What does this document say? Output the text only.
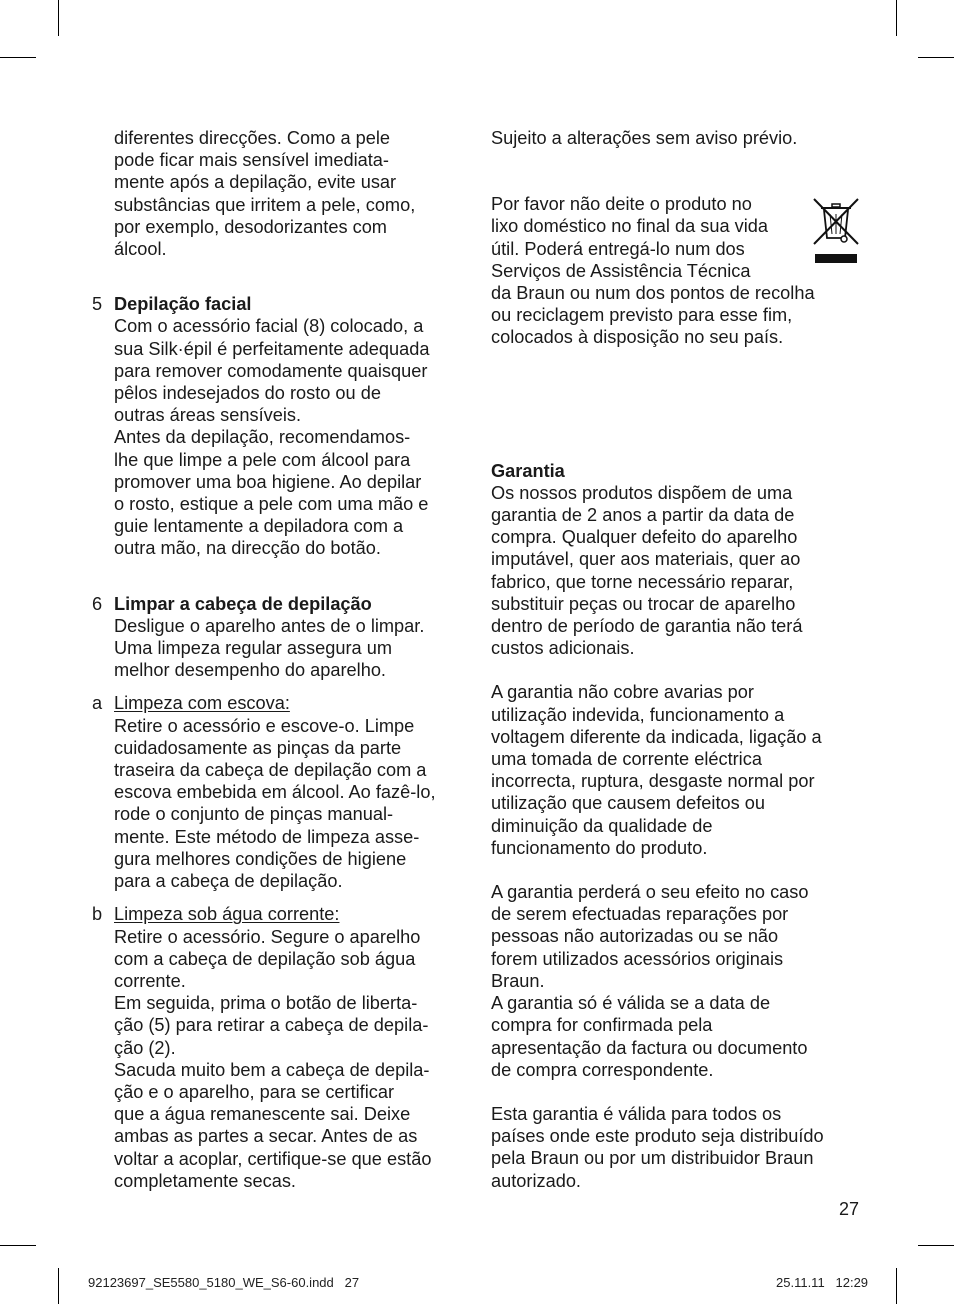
diferentes direcções. Como a pele
pode ficar mais sensível imediata-
mente após a depilação, evite usar
substâncias que irritem a pele, como,
por exemplo, desodorizantes com
álcool.
5 Depilação facial
Com o acessório facial (8) colocado, a
sua Silk·épil é perfeitamente adequada
para remover comodamente quaisquer
pêlos indesejados do rosto ou de
outras áreas sensíveis.
Antes da depilação, recomendamos-
lhe que limpe a pele com álcool para
promover uma boa higiene. Ao depilar
o rosto, estique a pele com uma mão e
guie lentamente a depiladora com a
outra mão, na direcção do botão.
6 Limpar a cabeça de depilação
Desligue o aparelho antes de o limpar.
Uma limpeza regular assegura um
melhor desempenho do aparelho.
a Limpeza com escova:
Retire o acessório e escove-o. Limpe
cuidadosamente as pinças da parte
traseira da cabeça de depilação com a
escova embebida em álcool. Ao fazê-lo,
rode o conjunto de pinças manual-
mente. Este método de limpeza asse-
gura melhores condições de higiene
para a cabeça de depilação.
b Limpeza sob água corrente:
Retire o acessório. Segure o aparelho
com a cabeça de depilação sob água
corrente.
Em seguida, prima o botão de liberta-
ção (5) para retirar a cabeça de depila-
ção (2).
Sacuda muito bem a cabeça de depila-
ção e o aparelho, para se certificar
que a água remanescente sai. Deixe
ambas as partes a secar. Antes de as
voltar a acoplar, certifique-se que estão
completamente secas.
Sujeito a alterações sem aviso prévio.
Por favor não deite o produto no
lixo doméstico no final da sua vida
útil. Poderá entregá-lo num dos
Serviços de Assistência Técnica
da Braun ou num dos pontos de recolha
ou reciclagem previsto para esse fim,
colocados à disposição no seu país.
Garantia
Os nossos produtos dispõem de uma
garantia de 2 anos a partir da data de
compra. Qualquer defeito do aparelho
imputável, quer aos materiais, quer ao
fabrico, que torne necessário reparar,
substituir peças ou trocar de aparelho
dentro de período de garantia não terá
custos adicionais.
A garantia não cobre avarias por
utilização indevida, funcionamento a
voltagem diferente da indicada, ligação a
uma tomada de corrente eléctrica
incorrecta, ruptura, desgaste normal por
utilização que causem defeitos ou
diminuição da qualidade de
funcionamento do produto.
A garantia perderá o seu efeito no caso
de serem efectuadas reparações por
pessoas não autorizadas ou se não
forem utilizados acessórios originais
Braun.
A garantia só é válida se a data de
compra for confirmada pela
apresentação da factura ou documento
de compra correspondente.
Esta garantia é válida para todos os
países onde este produto seja distribuído
pela Braun ou por um distribuidor Braun
autorizado.
27
92123697_SE5580_5180_WE_S6-60.indd   27	25.11.11   12:29
